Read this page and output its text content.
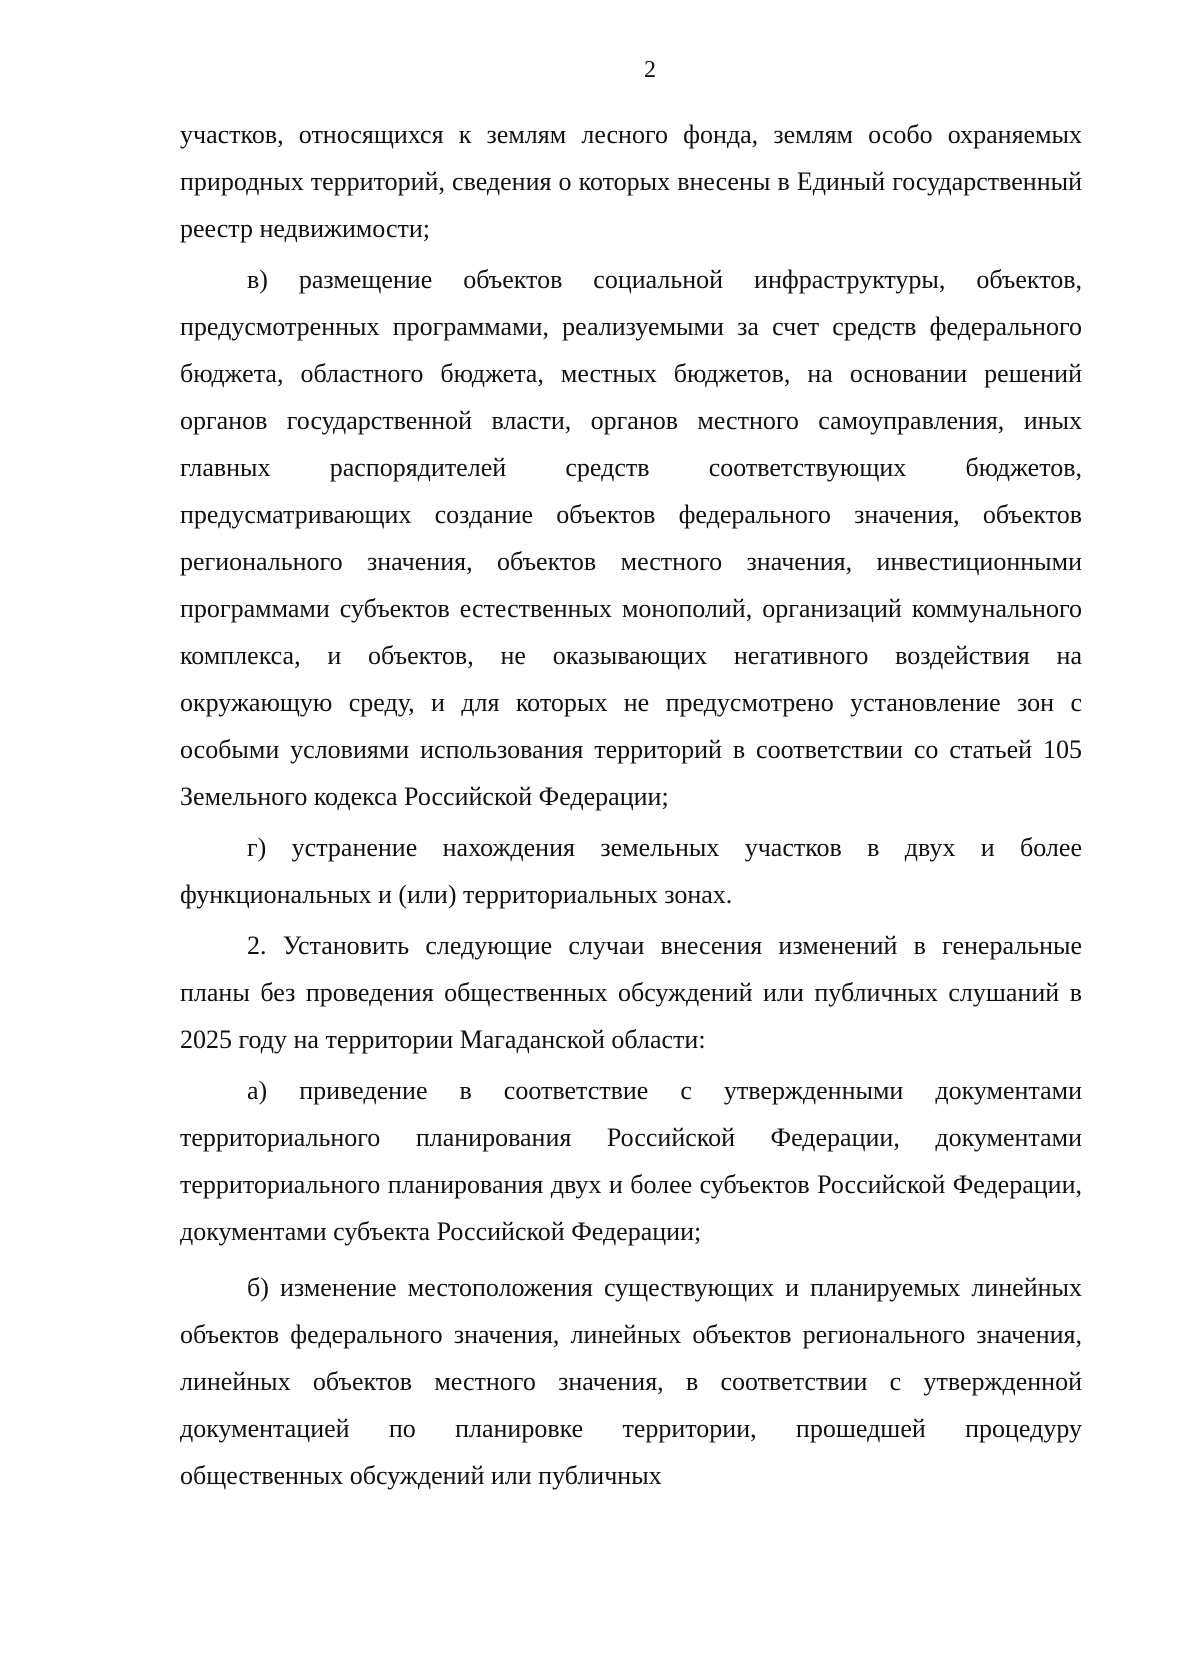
2

участков, относящихся к землям лесного фонда, землям особо охраняемых природных территорий, сведения о которых внесены в Единый государственный реестр недвижимости;

в) размещение объектов социальной инфраструктуры, объектов, предусмотренных программами, реализуемыми за счет средств федерального бюджета, областного бюджета, местных бюджетов, на основании решений органов государственной власти, органов местного самоуправления, иных главных распорядителей средств соответствующих бюджетов, предусматривающих создание объектов федерального значения, объектов регионального значения, объектов местного значения, инвестиционными программами субъектов естественных монополий, организаций коммунального комплекса, и объектов, не оказывающих негативного воздействия на окружающую среду, и для которых не предусмотрено установление зон с особыми условиями использования территорий в соответствии со статьей 105 Земельного кодекса Российской Федерации;

г) устранение нахождения земельных участков в двух и более функциональных и (или) территориальных зонах.

2. Установить следующие случаи внесения изменений в генеральные планы без проведения общественных обсуждений или публичных слушаний в 2025 году на территории Магаданской области:

а) приведение в соответствие с утвержденными документами территориального планирования Российской Федерации, документами территориального планирования двух и более субъектов Российской Федерации, документами субъекта Российской Федерации;

б) изменение местоположения существующих и планируемых линейных объектов федерального значения, линейных объектов регионального значения, линейных объектов местного значения, в соответствии с утвержденной документацией по планировке территории, прошедшей процедуру общественных обсуждений или публичных
